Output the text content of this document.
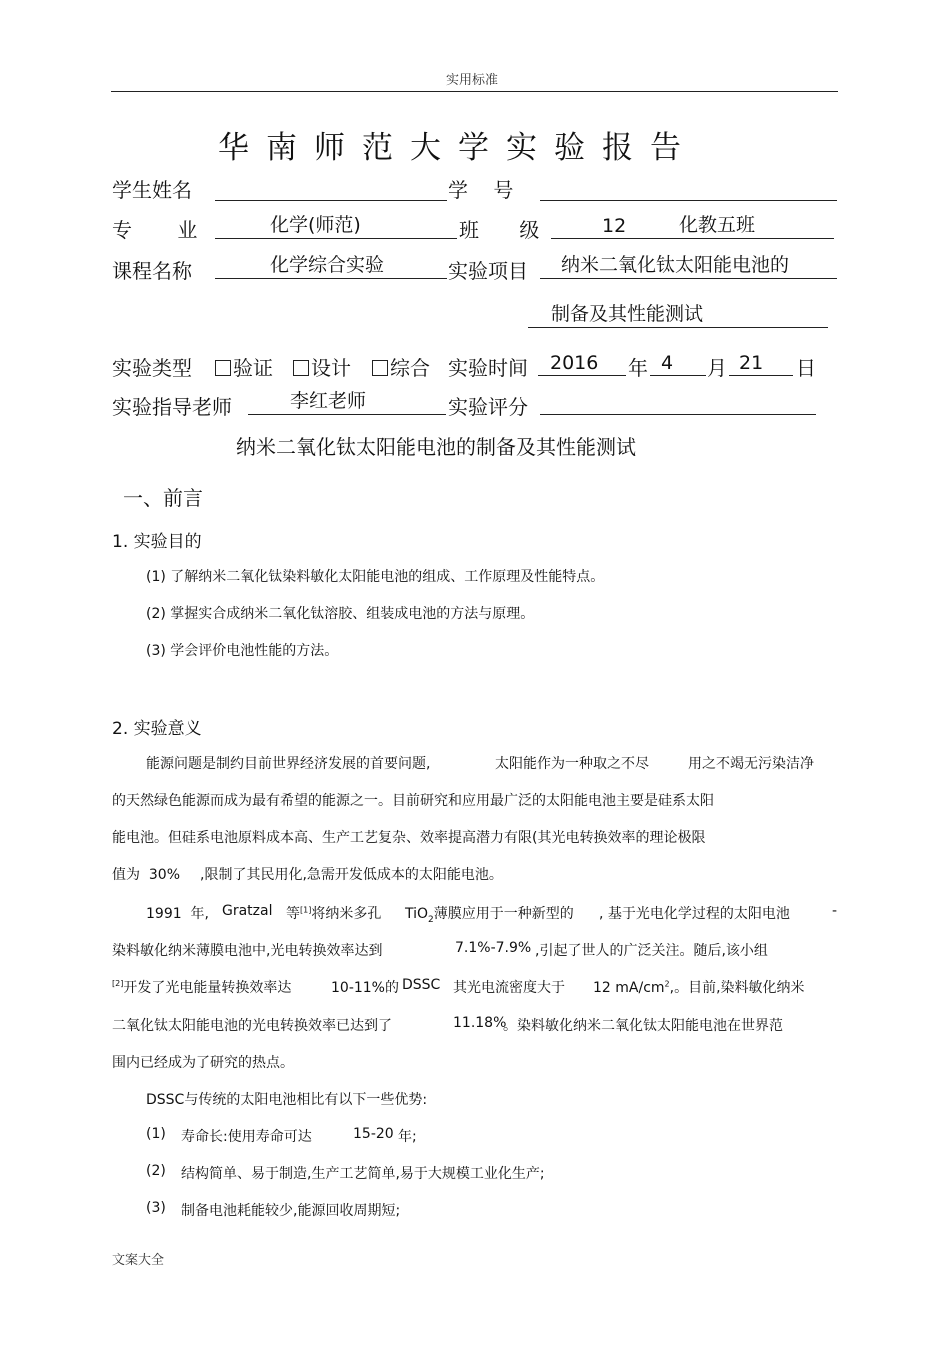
实用标准
华南师范大学实验报告
学生姓名	学    号
专    业	化学(师范)	班    级	12	化教五班
课程名称	化学综合实验	实验项目 纳米二氧化钛太阳能电池的
制备及其性能测试
实验类型	验证	设计	综合 实验时间 2016 年 4 月 21 日
实验指导老师	李红老师	实验评分
纳米二氧化钛太阳能电池的制备及其性能测试
一、前言
1. 实验目的
(1) 了解纳米二氧化钛染料敏化太阳能电池的组成、工作原理及性能特点。
(2) 掌握实合成纳米二氧化钛溶胶、组装成电池的方法与原理。
(3) 学会评价电池性能的方法。
2. 实验意义
能源问题是制约目前世界经济发展的首要问题,	太阳能作为一种取之不尽	用之不竭无污染洁净
的天然绿色能源而成为最有希望的能源之一。目前研究和应用最广泛的太阳能电池主要是硅系太阳
能电池。但硅系电池原料成本高、生产工艺复杂、效率提高潜力有限(其光电转换效率的理论极限
值为  30% ,限制了其民用化,急需开发低成本的太阳能电池。
1991  年, Gratzal 等[1]将纳米多孔 TiO$_2$薄膜应用于一种新型的 , 基于光电化学过程的太阳电池	-
染料敏化纳米薄膜电池中,光电转换效率达到	7.1%-7.9% ,引起了世人的广泛关注。随后,该小组
[2]开发了光电能量转换效率达	10-11%的 DSSC 其光电流密度大于 12 $mA/cm^2$,。目前,染料敏化纳米
二氧化钛太阳能电池的光电转换效率已达到了	11.18%
。染料敏化纳米二氧化钛太阳能电池在世界范
围内已经成为了研究的热点。
DSSC与传统的太阳电池相比有以下一些优势:
(1) 寿命长:使用寿命可达	15-20 年;
(2) 结构简单、易于制造,生产工艺简单,易于大规模工业化生产;
(3) 制备电池耗能较少,能源回收周期短;
文案大全
